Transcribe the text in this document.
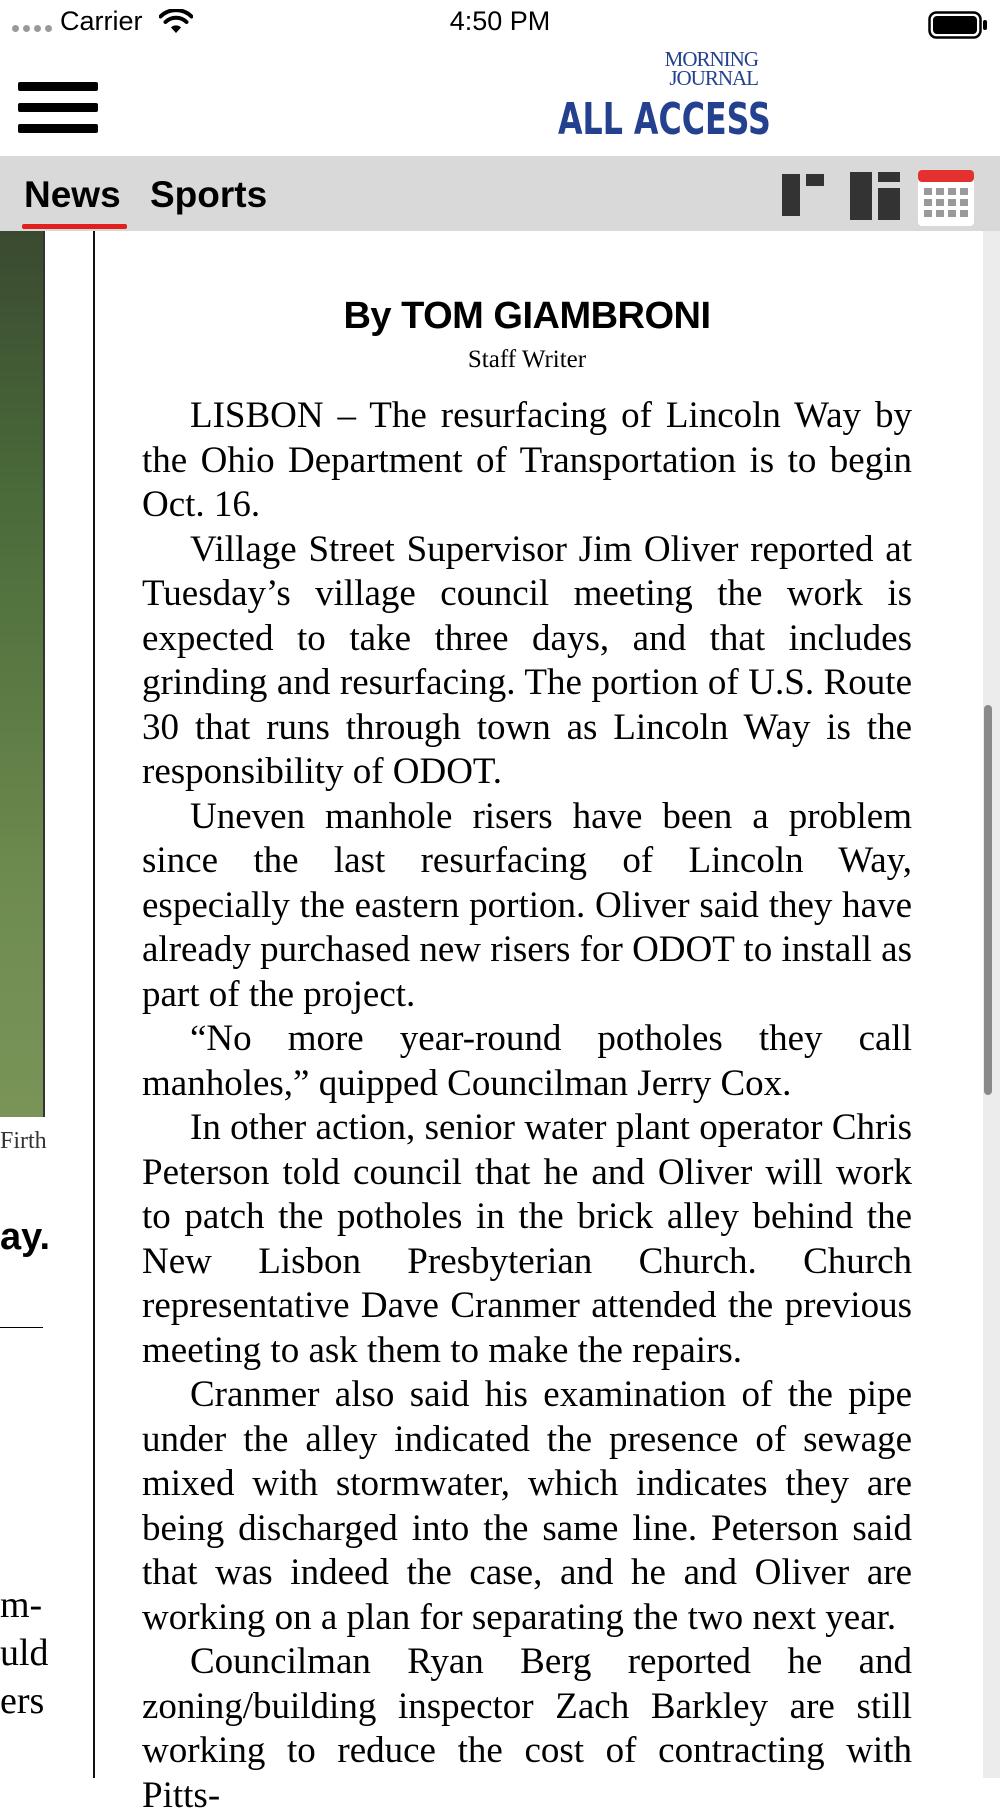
Carrier	4:50 PM
MORNING JOURNAL
ALL ACCESS
News Sports
Firth
ay.
m-
uld
ers
By TOM GIAMBRONI
Staff Writer

LISBON – The resurfacing of Lincoln Way by the Ohio Department of Transportation is to begin Oct. 16.

Village Street Supervisor Jim Oliver reported at Tuesday’s village council meeting the work is expected to take three days, and that includes grinding and resurfacing. The portion of U.S. Route 30 that runs through town as Lincoln Way is the responsibility of ODOT.

Uneven manhole risers have been a problem since the last resurfacing of Lincoln Way, especially the eastern portion. Oliver said they have already purchased new risers for ODOT to install as part of the project.

“No more year-round potholes they call manholes,” quipped Councilman Jerry Cox.

In other action, senior water plant operator Chris Peterson told council that he and Oliver will work to patch the potholes in the brick alley behind the New Lisbon Presbyterian Church. Church representative Dave Cranmer attended the previous meeting to ask them to make the repairs.

Cranmer also said his examination of the pipe under the alley indicated the presence of sewage mixed with stormwater, which indicates they are being discharged into the same line. Peterson said that was indeed the case, and he and Oliver are working on a plan for separating the two next year.

Councilman Ryan Berg reported he and zoning/building inspector Zach Barkley are still working to reduce the cost of contracting with Pitts-
